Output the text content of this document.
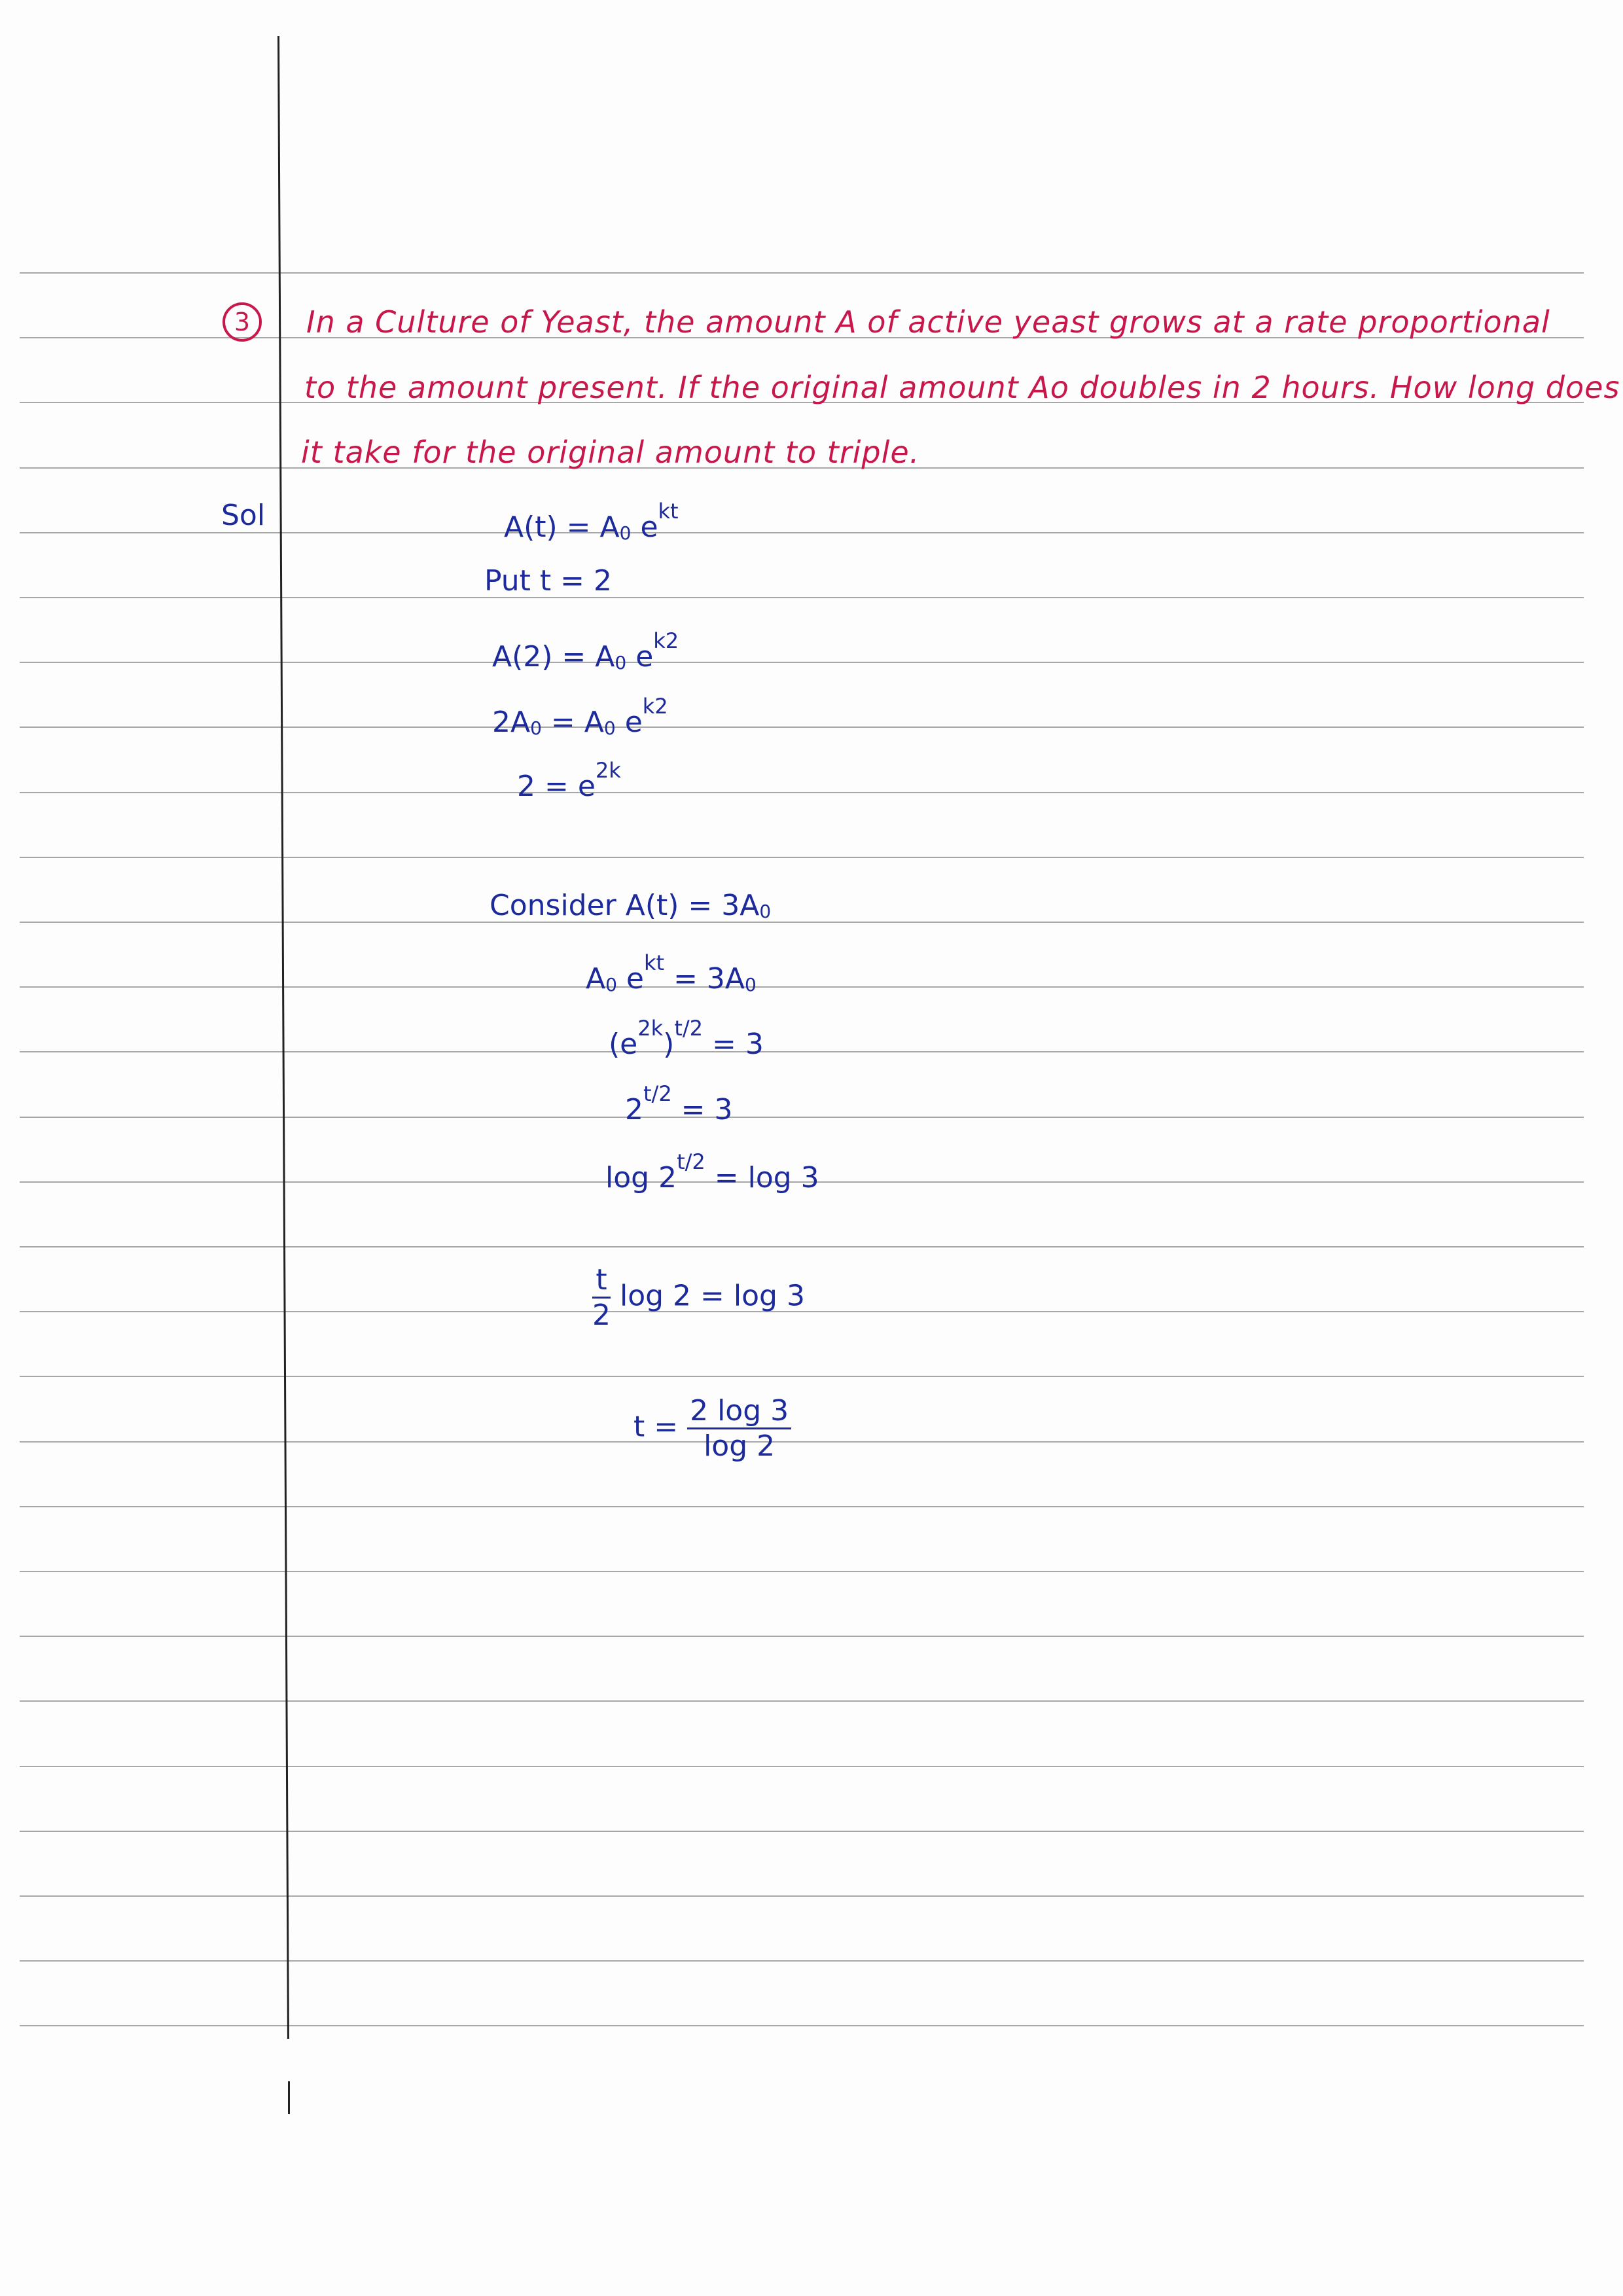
3	In a Culture of Yeast, the amount A of active yeast grows at a rate proportional
to the amount present. If the original amount Ao doubles in 2 hours. How long does
it take for the original amount to triple.
Sol	$A(t) = A_0$ $e^{kt}$
Put t = 2
$A(2) = A_0$ $e^{k2}$
$2A_0 = A_0$ $e^{k2}$
$2 = e^{2k}$
Consider $A(t) = 3A_0$
$A_0$ $e^{kt} = 3A_0$
$(e^{2k})^{t/2} = 3$
$2^{t/2} = 3$
$\log 2^{t/2} = \log 3$
$\frac{t}{2}$ log 2 = log 3
$t = \frac{2 \log 3}{\log 2}$
